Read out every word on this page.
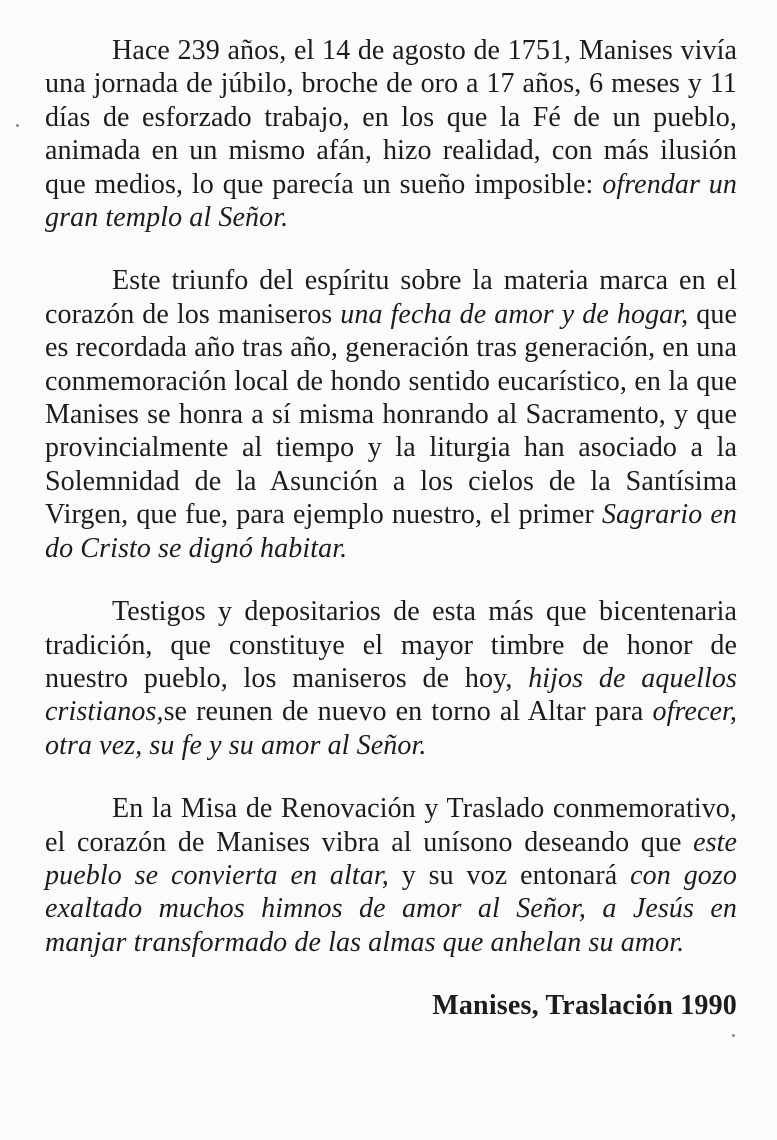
Hace 239 años, el 14 de agosto de 1751, Manises vivía una jornada de júbilo, broche de oro a 17 años, 6 meses y 11 días de esforzado trabajo, en los que la Fé de un pueblo, animada en un mismo afán, hizo realidad, con más ilusión que medios, lo que parecía un sueño imposible: ofrendar un gran templo al Señor.

Este triunfo del espíritu sobre la materia marca en el corazón de los maniseros una fecha de amor y de hogar, que es recordada año tras año, generación tras generación, en una conmemoración local de hondo sentido eucarístico, en la que Manises se honra a sí misma honrando al Sacramento, y que provincialmente al tiempo y la liturgia han asociado a la Solemnidad de la Asunción a los cielos de la Santísima Virgen, que fue, para ejemplo nuestro, el primer Sagrario en do Cristo se dignó habitar.

Testigos y depositarios de esta más que bicentenaria tradición, que constituye el mayor timbre de honor de nuestro pueblo, los maniseros de hoy, hijos de aquellos cristianos,se reunen de nuevo en torno al Altar para ofrecer, otra vez, su fe y su amor al Señor.

En la Misa de Renovación y Traslado conmemorativo, el corazón de Manises vibra al unísono deseando que este pueblo se convierta en altar, y su voz entonará con gozo exaltado muchos himnos de amor al Señor, a Jesús en manjar transformado de las almas que anhelan su amor.

Manises, Traslación 1990
